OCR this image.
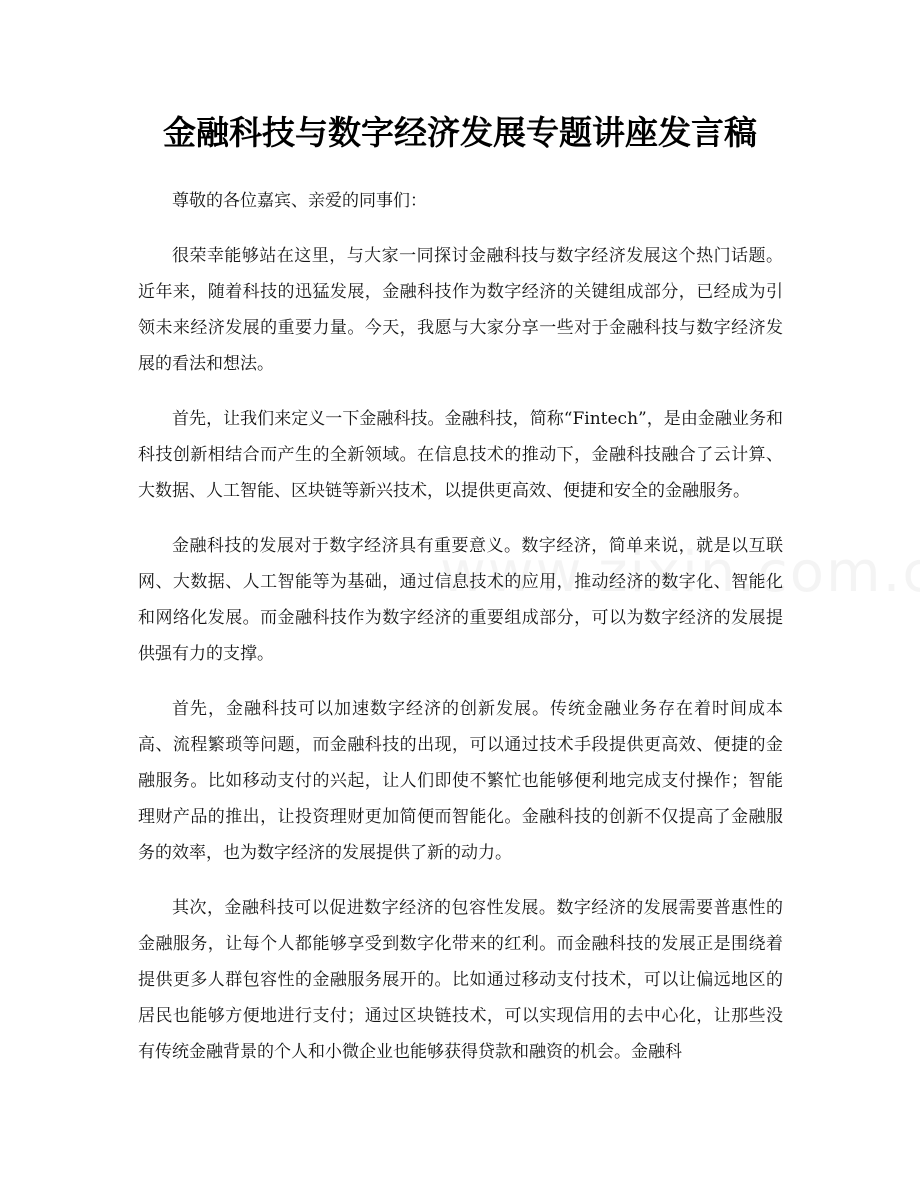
金融科技与数字经济发展专题讲座发言稿

尊敬的各位嘉宾、亲爱的同事们：

很荣幸能够站在这里，与大家一同探讨金融科技与数字经济发展这个热门话题。近年来，随着科技的迅猛发展，金融科技作为数字经济的关键组成部分，已经成为引领未来经济发展的重要力量。今天，我愿与大家分享一些对于金融科技与数字经济发展的看法和想法。

首先，让我们来定义一下金融科技。金融科技，简称“Fintech”，是由金融业务和科技创新相结合而产生的全新领域。在信息技术的推动下，金融科技融合了云计算、大数据、人工智能、区块链等新兴技术，以提供更高效、便捷和安全的金融服务。

金融科技的发展对于数字经济具有重要意义。数字经济，简单来说，就是以互联网、大数据、人工智能等为基础，通过信息技术的应用，推动经济的数字化、智能化和网络化发展。而金融科技作为数字经济的重要组成部分，可以为数字经济的发展提供强有力的支撑。

首先，金融科技可以加速数字经济的创新发展。传统金融业务存在着时间成本高、流程繁琐等问题，而金融科技的出现，可以通过技术手段提供更高效、便捷的金融服务。比如移动支付的兴起，让人们即使不繁忙也能够便利地完成支付操作；智能理财产品的推出，让投资理财更加简便而智能化。金融科技的创新不仅提高了金融服务的效率，也为数字经济的发展提供了新的动力。

其次，金融科技可以促进数字经济的包容性发展。数字经济的发展需要普惠性的金融服务，让每个人都能够享受到数字化带来的红利。而金融科技的发展正是围绕着提供更多人群包容性的金融服务展开的。比如通过移动支付技术，可以让偏远地区的居民也能够方便地进行支付；通过区块链技术，可以实现信用的去中心化，让那些没有传统金融背景的个人和小微企业也能够获得贷款和融资的机会。金融科
